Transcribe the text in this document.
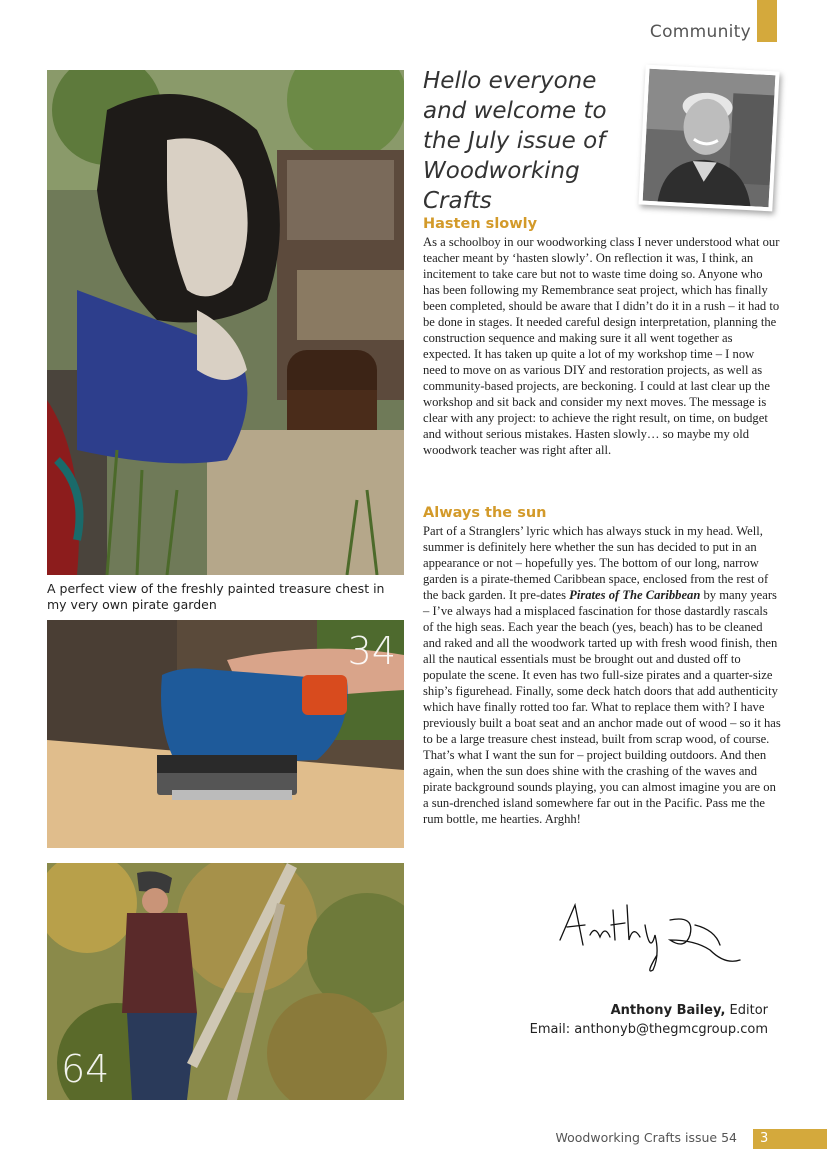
Community
A perfect view of the freshly painted treasure chest in my very own pirate garden
34
64
Hello everyone and welcome to the July issue of Woodworking Crafts
Hasten slowly

As a schoolboy in our woodworking class I never understood what our teacher meant by ‘hasten slowly’. On reflection it was, I think, an incitement to take care but not to waste time doing so. Anyone who has been following my Remembrance seat project, which has finally been completed, should be aware that I didn’t do it in a rush – it had to be done in stages. It needed careful design interpretation, planning the construction sequence and making sure it all went together as expected. It has taken up quite a lot of my workshop time – I now need to move on as various DIY and restoration projects, as well as community-based projects, are beckoning. I could at last clear up the workshop and sit back and consider my next moves. The message is clear with any project: to achieve the right result, on time, on budget and without serious mistakes. Hasten slowly… so maybe my old woodwork teacher was right after all.

Always the sun

Part of a Stranglers’ lyric which has always stuck in my head. Well, summer is definitely here whether the sun has decided to put in an appearance or not – hopefully yes. The bottom of our long, narrow garden is a pirate-themed Caribbean space, enclosed from the rest of the back garden. It pre-dates Pirates of The Caribbean by many years – I’ve always had a misplaced fascination for those dastardly rascals of the high seas. Each year the beach (yes, beach) has to be cleaned and raked and all the woodwork tarted up with fresh wood finish, then all the nautical essentials must be brought out and dusted off to populate the scene. It even has two full-size pirates and a quarter-size ship’s figurehead. Finally, some deck hatch doors that add authenticity which have finally rotted too far. What to replace them with? I have previously built a boat seat and an anchor made out of wood – so it has to be a large treasure chest instead, built from scrap wood, of course. That’s what I want the sun for – project building outdoors. And then again, when the sun does shine with the crashing of the waves and pirate background sounds playing, you can almost imagine you are on a sun-drenched island somewhere far out in the Pacific. Pass me the rum bottle, me hearties. Arghh!

Anthony Bailey, Editor
Email: anthonyb@thegmcgroup.com
Woodworking Crafts issue 54	3
